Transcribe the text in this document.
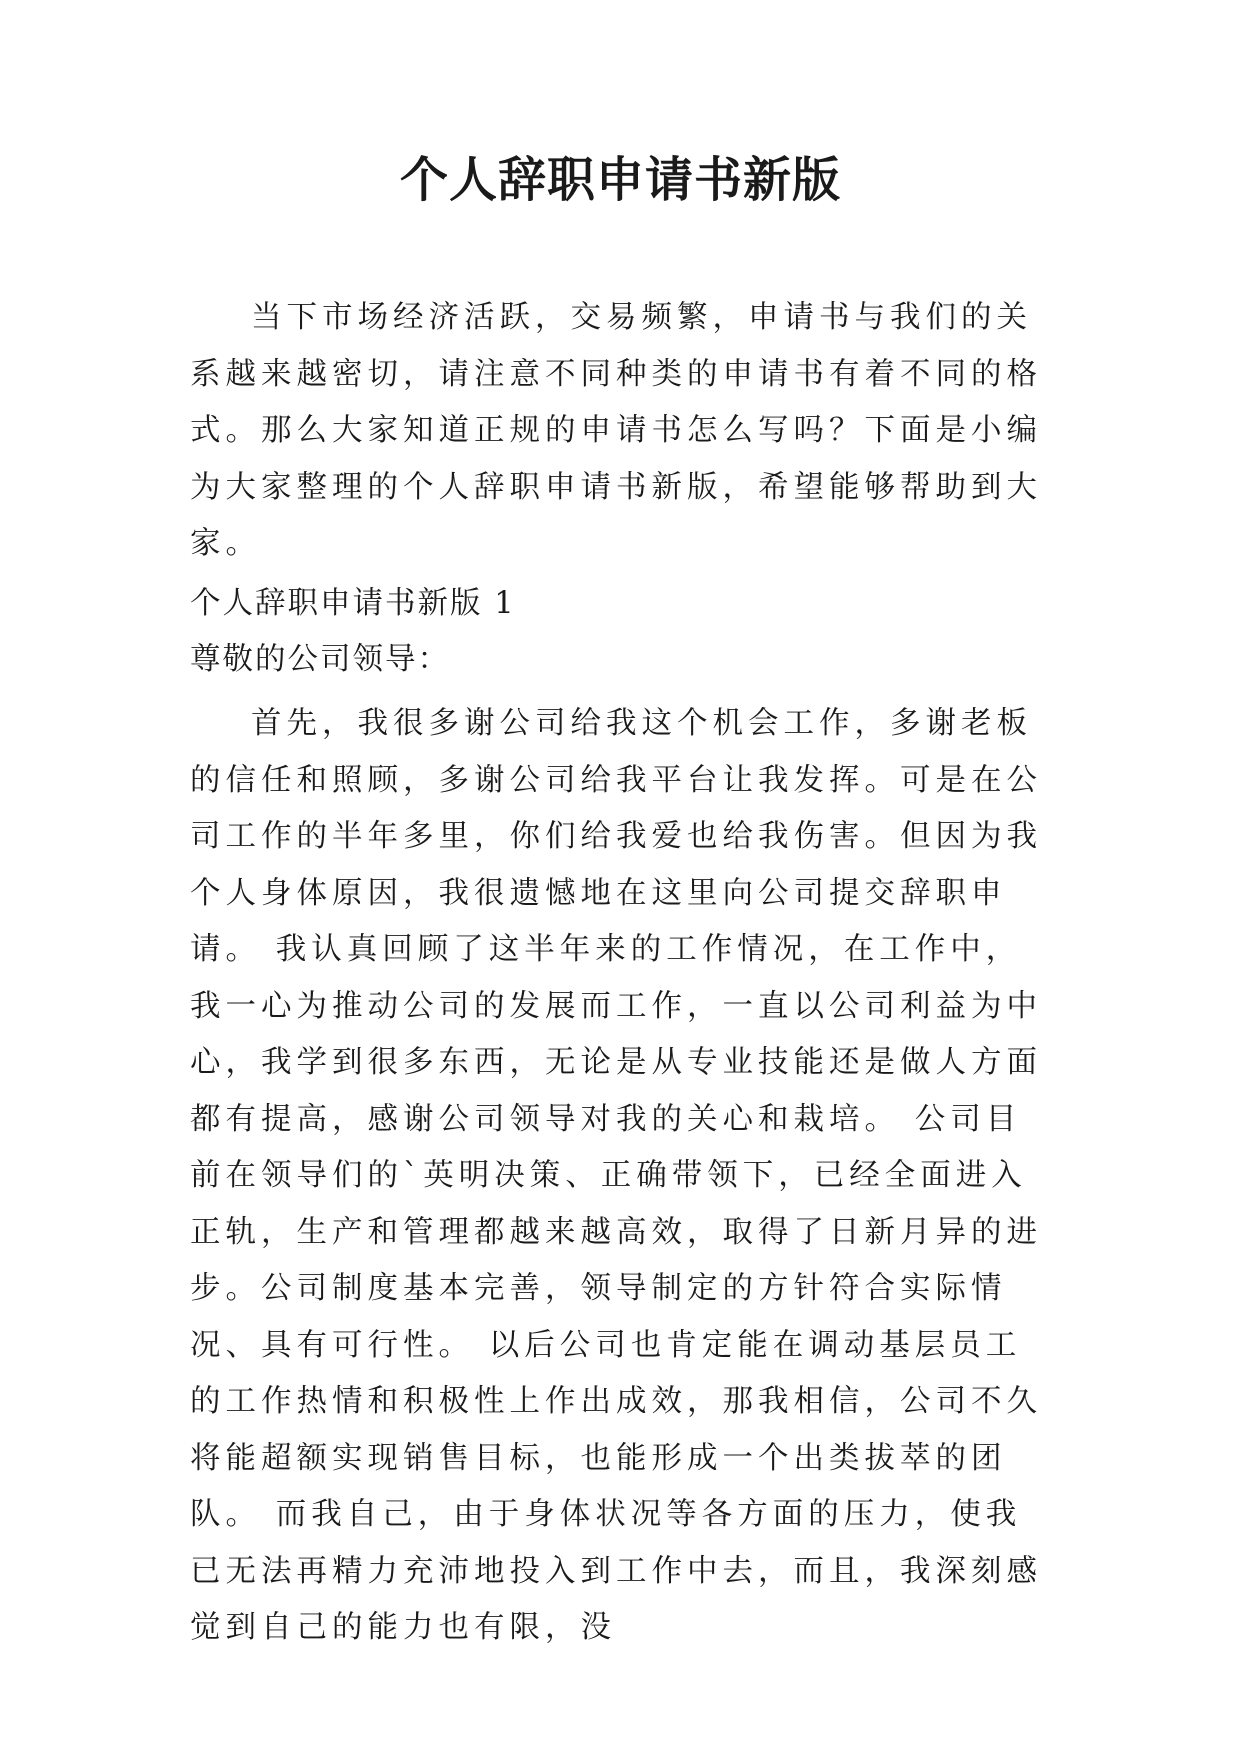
个人辞职申请书新版

当下市场经济活跃，交易频繁，申请书与我们的关系越来越密切，请注意不同种类的申请书有着不同的格式。那么大家知道正规的申请书怎么写吗？下面是小编为大家整理的个人辞职申请书新版，希望能够帮助到大家。

个人辞职申请书新版 1

尊敬的公司领导：

首先，我很多谢公司给我这个机会工作，多谢老板的信任和照顾，多谢公司给我平台让我发挥。可是在公司工作的半年多里，你们给我爱也给我伤害。但因为我个人身体原因，我很遗憾地在这里向公司提交辞职申请。 我认真回顾了这半年来的工作情况，在工作中，我一心为推动公司的发展而工作，一直以公司利益为中心，我学到很多东西，无论是从专业技能还是做人方面都有提高，感谢公司领导对我的关心和栽培。 公司目前在领导们的`英明决策、正确带领下，已经全面进入正轨，生产和管理都越来越高效，取得了日新月异的进步。公司制度基本完善，领导制定的方针符合实际情况、具有可行性。 以后公司也肯定能在调动基层员工的工作热情和积极性上作出成效，那我相信，公司不久将能超额实现销售目标，也能形成一个出类拔萃的团队。 而我自己，由于身体状况等各方面的压力，使我已无法再精力充沛地投入到工作中去，而且，我深刻感觉到自己的能力也有限，没
